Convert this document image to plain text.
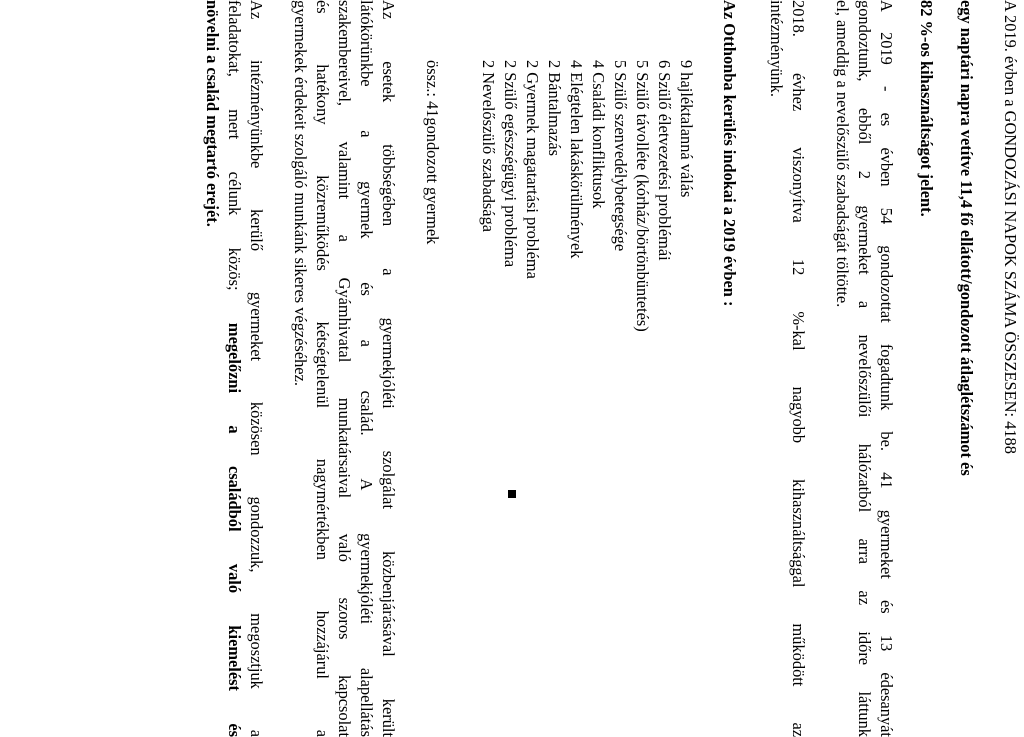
A 2019. évben a GONDOZÁSI NAPOK SZÁMA ÖSSZESEN: 4188
egy naptári napra vetítve 11,4 fő ellátott/gondozott átlaglétszámot és
82 %-os kihasználtságot jelent.
A 2019 - es évben 54 gondozottat fogadtunk be. 41 gyermeket és 13 édesanyát
gondoztunk, ebből 2 gyermeket a nevelőszülői hálózatból arra az időre láttunk
el, ameddig a nevelőszülő szabadságát töltötte.
2018. évhez viszonyítva 12 %-kal nagyobb kihasználtsággal működött az
intézményünk.
Az Otthonba kerülés indokai a 2019 évben :
9 hajléktalanná válás
6 Szülő életvezetési problémái
5 Szülő távolléte (kórház/börtönbüntetés)
5 Szülő szenvedélybetegsége
4 Családi konfliktusok
4 Elégtelen lakáskörülmények
2 Bántalmazás
2 Gyermek magatartási probléma
2 Szülő egészségügyi probléma
2 Nevelőszülő szabadsága
össz.: 41gondozott gyermek
Az esetek többségében a gyermekjóléti szolgálat közbenjárásával került
látókörünkbe a gyermek és a család. A gyermekjóléti alapellátás
szakembereivel, valamint a Gyámhivatal munkatársaival való szoros kapcsolat
és hatékony közreműködés kétségtelenül nagymértékben hozzájárul a
gyermekek érdekeit szolgáló munkánk sikeres végzéséhez.
Az intézményünkbe kerülő gyermeket közösen gondozzuk, megosztjuk a
feladatokat, mert célunk közös; megelőzni a családból való kiemelést és
növelni a család megtartó erejét.
